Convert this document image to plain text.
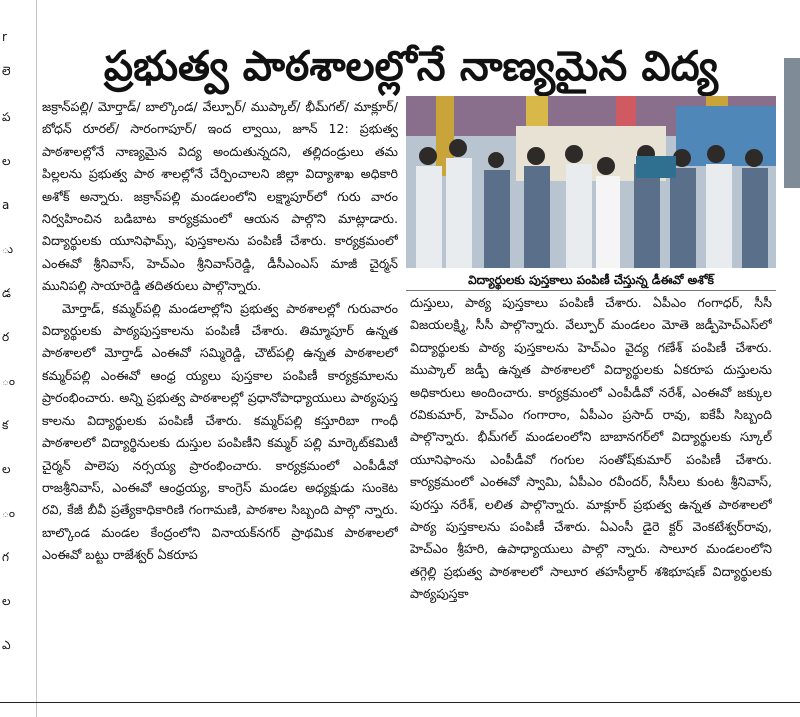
r
లె
ప
ల
a
ు
డ
ర
ం
క
ల
ం
గ
ల
ఎ
ప్రభుత్వ పాఠశాలల్లోనే నాణ్యమైన విద్య

జక్రాన్‌పల్లి/ మోర్తాడ్/ బాల్కొండ/ వేల్పూర్/ ముప్కాల్/ భీమ్‌గల్/ మాక్లూర్/ బోధన్ రూరల్/ సారంగాపూర్/ ఇంద ల్వాయి, జూన్ 12: ప్రభుత్వ పాఠశాలల్లోనే నాణ్యమైన విద్య అందుతున్నదని, తల్లిదండ్రులు తమ పిల్లలను ప్రభుత్వ పాఠ శాలల్లోనే చేర్పించాలని జిల్లా విద్యాశాఖ అధికారి అశోక్ అన్నారు. జక్రాన్‌పల్లి మండలంలోని లక్ష్మాపూర్‌లో గురు వారం నిర్వహించిన బడిబాట కార్యక్రమంలో ఆయన పాల్గొని మాట్లాడారు. విద్యార్థులకు యూనిఫామ్స్, పుస్తకాలను పంపిణీ చేశారు. కార్యక్రమంలో ఎంఈవో శ్రీనివాస్, హెచ్‌ఎం శ్రీనివాస్‌రెడ్డి, డీసీఎంఎస్ మాజీ చైర్మన్ మునిపల్లి సాయారెడ్డి తదితరులు పాల్గొన్నారు.

మోర్తాడ్, కమ్మర్‌పల్లి మండలాల్లోని ప్రభుత్వ పాఠశాలల్లో గురువారం విద్యార్థులకు పాఠ్యపుస్తకాలను పంపిణీ చేశారు. తిమ్మాపూర్ ఉన్నత పాఠశాలలో మోర్తాడ్ ఎంఈవో సమ్మిరెడ్డి, చౌట్‌పల్లి ఉన్నత పాఠశాలలో కమ్మర్‌పల్లి ఎంఈవో ఆంధ్ర య్యలు పుస్తకాల పంపిణీ కార్యక్రమాలను ప్రారంభించారు. అన్ని ప్రభుత్వ పాఠశాలల్లో ప్రధానోపాధ్యాయులు పాఠ్యపుస్త కాలను విద్యార్థులకు పంపిణీ చేశారు. కమ్మర్‌పల్లి కస్తూరిబా గాంధీ పాఠశాలలో విద్యార్థినులకు దుస్తుల పంపిణీని కమ్మర్ పల్లి మార్కెట్‌కమిటీ చైర్మన్ పాలెపు నర్సయ్య ప్రారంభించారు. కార్యక్రమంలో ఎంపీడీవో రాజశ్రీనివాస్, ఎంఈవో ఆంధ్రయ్య, కాంగ్రెస్ మండల అధ్యక్షుడు సుంకెట రవి, కేజీ బీవీ ప్రత్యేకాధికారిణి గంగామణి, పాఠశాల సిబ్బంది పాల్గొ న్నారు. బాల్కొండ మండల కేంద్రంలోని వినాయక్‌నగర్ ప్రాథమిక పాఠశాలలో ఎంఈవో బట్టు రాజేశ్వర్ ఏకరూప

విద్యార్థులకు పుస్తకాలు పంపిణీ చేస్తున్న డీఈవో అశోక్

దుస్తులు, పాఠ్య పుస్తకాలు పంపిణీ చేశారు. ఏపీఎం గంగాధర్, సీసీ విజయలక్ష్మి, సీసీ పాల్గొన్నారు. వేల్పూర్ మండలం మోతె జడ్పీహెచ్‌ఎస్‌లో విద్యార్థులకు పాఠ్య పుస్తకాలను హెచ్‌ఎం వైద్య గణేశ్ పంపిణీ చేశారు. ముప్కాల్ జడ్పీ ఉన్నత పాఠశాలలో విద్యార్థులకు ఏకరూప దుస్తులను అధికారులు అందించారు. కార్యక్రమంలో ఎంపీడీవో నరేశ్, ఎంఈవో జక్కుల రవికుమార్, హెచ్‌ఎం గంగారాం, ఏపీఎం ప్రసాద్ రావు, ఐకేపీ సిబ్బంది పాల్గొన్నారు. భీమ్‌గల్ మండలంలోని బాబానగర్‌లో విద్యార్థులకు స్కూల్ యూనిఫాంను ఎంపీడీవో గంగుల సంతోష్‌కుమార్ పంపిణీ చేశారు. కార్యక్రమంలో ఎంఈవో స్వామి, ఏపీఎం రవీందర్, సీసీలు కుంట శ్రీనివాస్, పురస్తు నరేశ్, లలిత పాల్గొన్నారు. మాక్లూర్ ప్రభుత్వ ఉన్నత పాఠశాలలో పాఠ్య పుస్తకాలను పంపిణీ చేశారు. ఏఎంసీ డైరె క్టర్ వెంకటేశ్వర్‌రావు, హెచ్‌ఎం శ్రీహరి, ఉపాధ్యాయులు పాల్గొ న్నారు. సాలూర మండలంలోని తగ్గెల్లి ప్రభుత్వ పాఠశాలలో సాలూర తహసీల్దార్ శశిభూషణ్ విద్యార్థులకు పాఠ్యపుస్తకా
